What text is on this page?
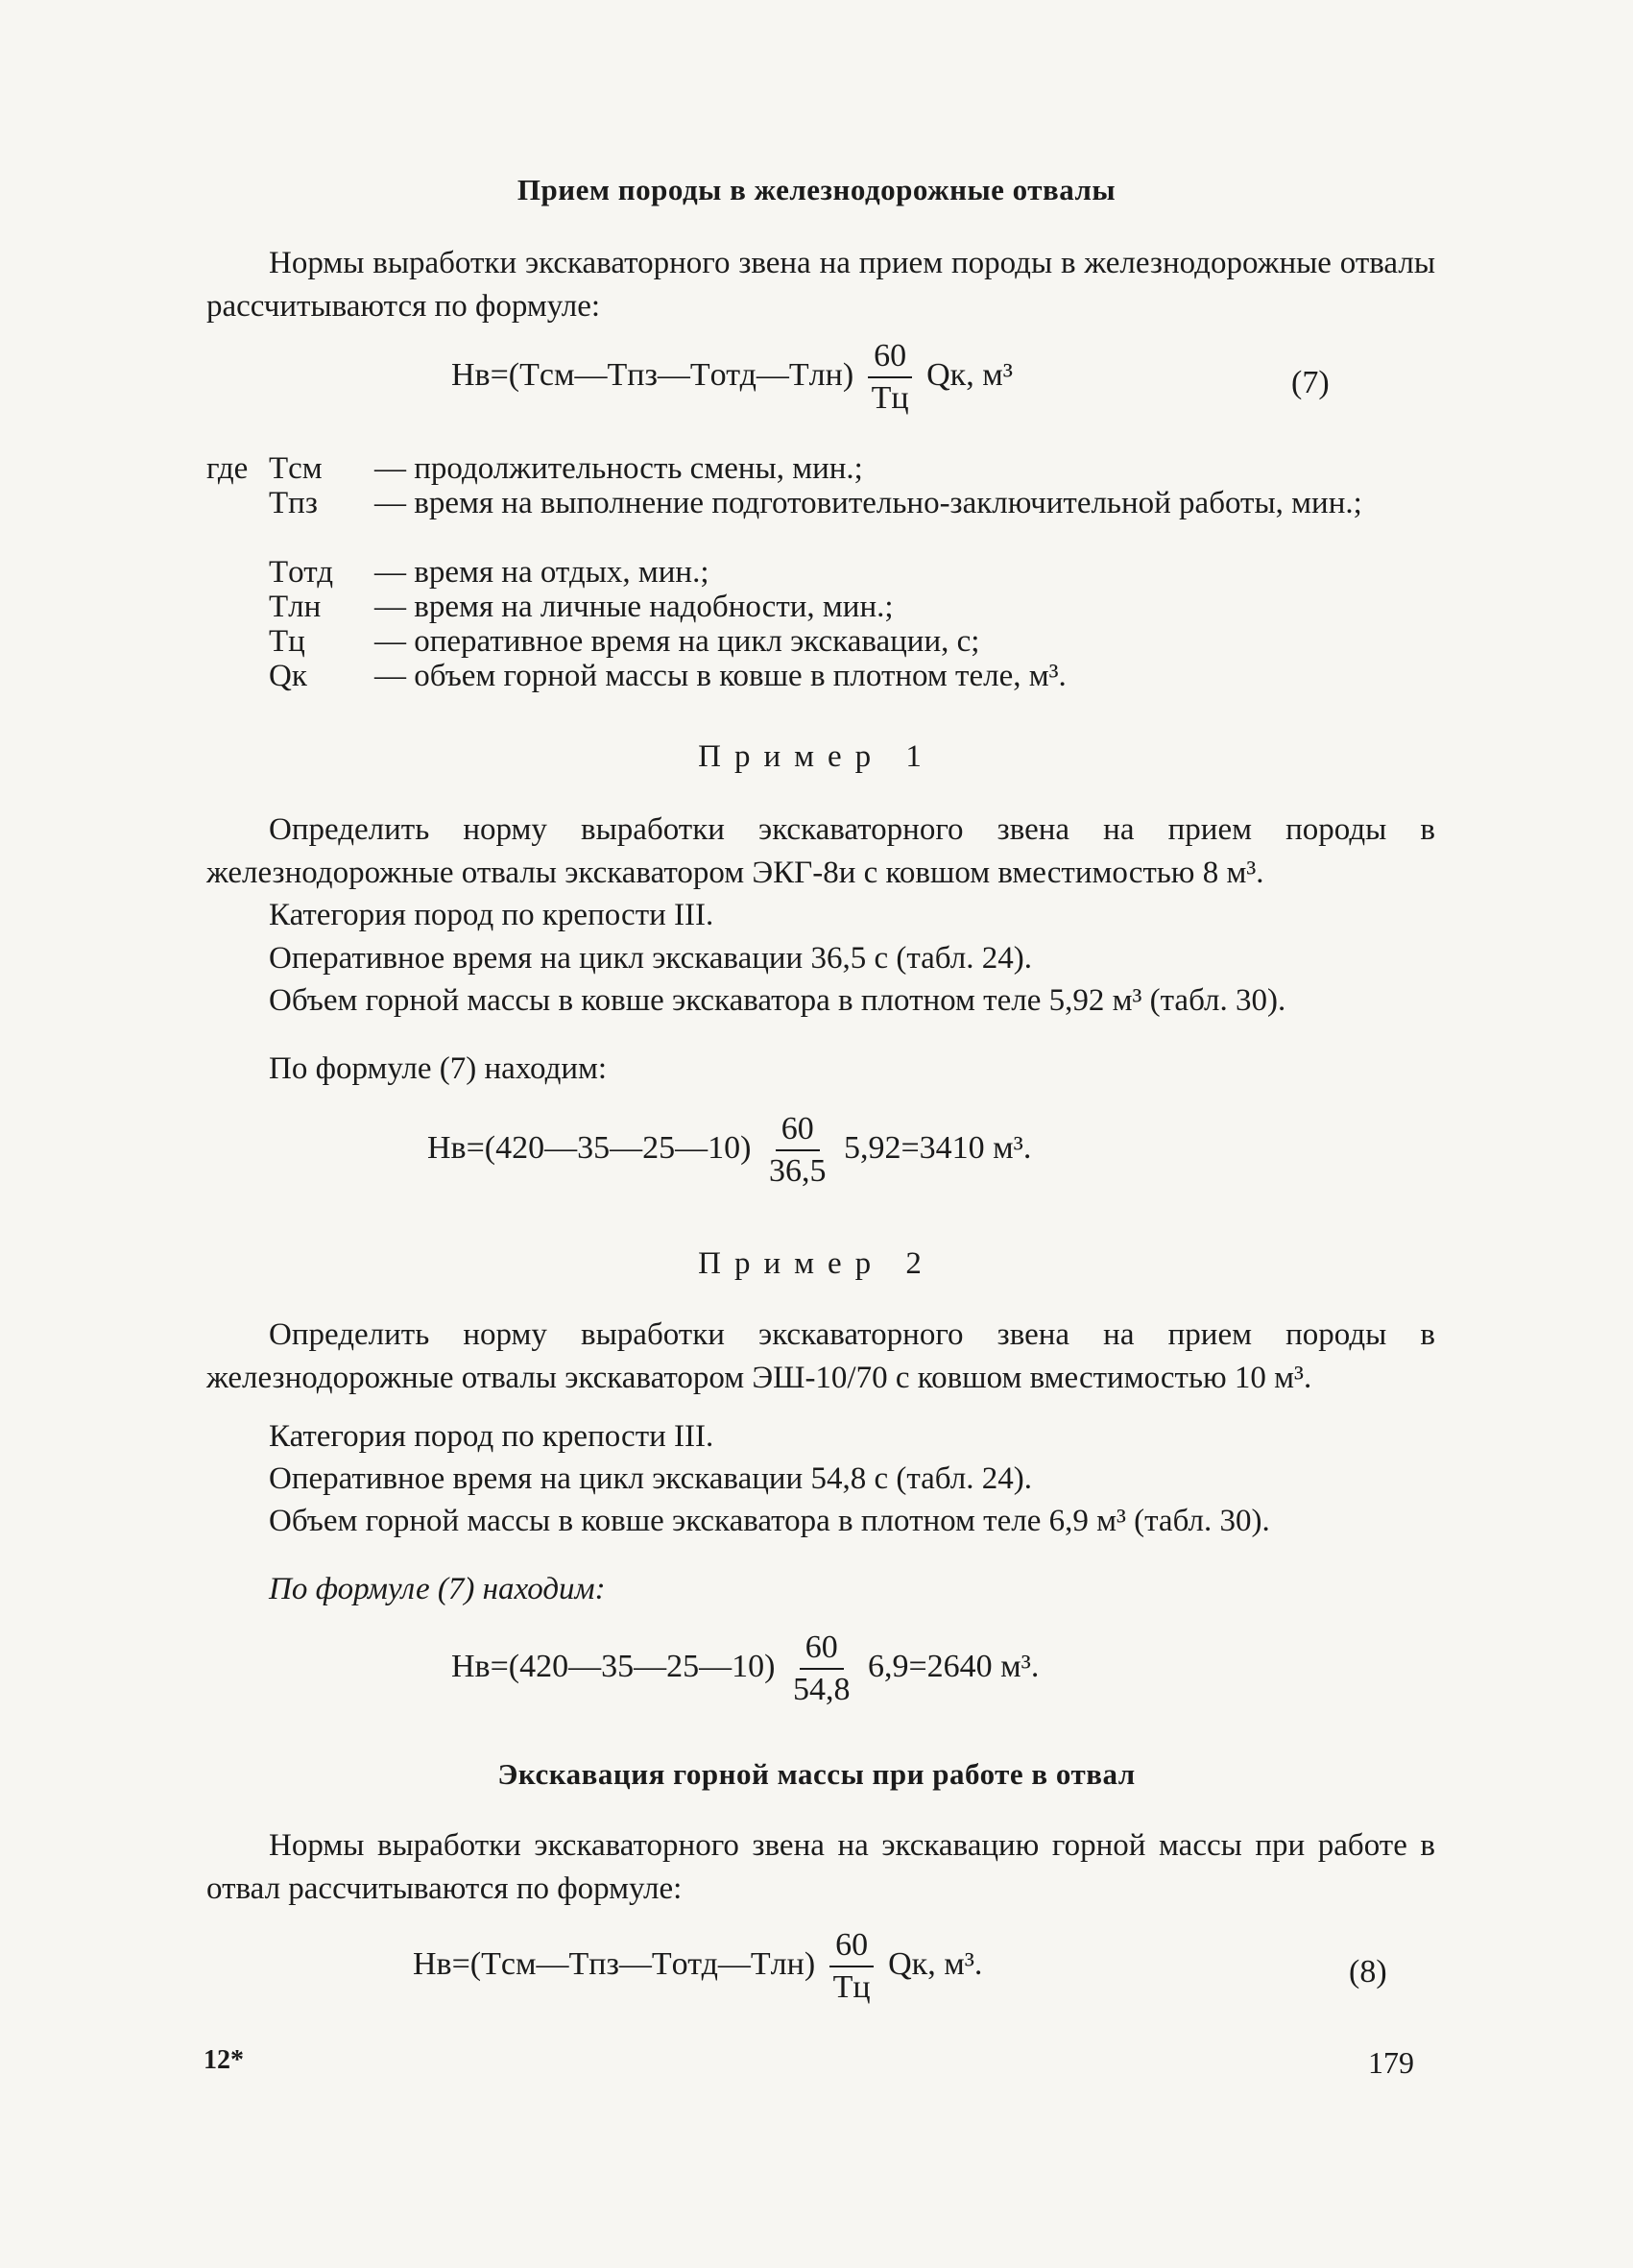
Прием породы в железнодорожные отвалы

Нормы выработки экскаваторного звена на прием породы в железнодорожные отвалы рассчитываются по формуле:

Hв=(Tсм—Tпз—Tотд—Tлн) $\frac{60}{Tц}$ Qк, м³	(7)
где Tсм	— продолжительность смены, мин.;
Tпз	— время на выполнение подготовительно-заключительной работы, мин.;
Tотд	— время на отдых, мин.;
Tлн	— время на личные надобности, мин.;
Tц	— оперативное время на цикл экскавации, с;
Qк	— объем горной массы в ковше в плотном теле, м³.
Пример 1

Определить норму выработки экскаваторного звена на прием породы в железнодорожные отвалы экскаватором ЭКГ-8и с ковшом вместимостью 8 м³.

Категория пород по крепости III.
Оперативное время на цикл экскавации 36,5 с (табл. 24).

Объем горной массы в ковше экскаватора в плотном теле 5,92 м³ (табл. 30).

По формуле (7) находим:
Hв=(420—35—25—10) $\frac{60}{36,5} 5,92=3410$ м³.
Пример 2

Определить норму выработки экскаваторного звена на прием породы в железнодорожные отвалы экскаватором ЭШ-10/70 с ковшом вместимостью 10 м³.

Категория пород по крепости III.
Оперативное время на цикл экскавации 54,8 с (табл. 24).

Объем горной массы в ковше экскаватора в плотном теле 6,9 м³ (табл. 30).

По формуле (7) находим:
Hв=(420—35—25—10) $\frac{60}{54,8} 6,9=2640$ м³.
Экскавация горной массы при работе в отвал

Нормы выработки экскаваторного звена на экскавацию горной массы при работе в отвал рассчитываются по формуле:

Hв=(Tсм—Tпз—Tотд—Tлн) $\frac{60}{Tц}$ Qк, м³.	(8)
12*	179
